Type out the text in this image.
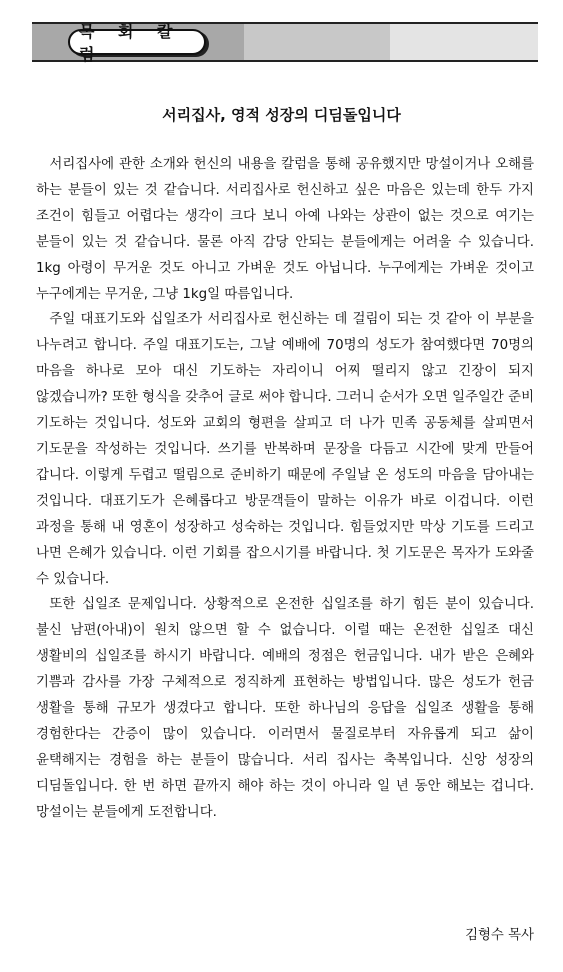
목 회 칼 럼
서리집사, 영적 성장의 디딤돌입니다

서리집사에 관한 소개와 헌신의 내용을 칼럼을 통해 공유했지만 망설이거나 오해를 하는 분들이 있는 것 같습니다. 서리집사로 헌신하고 싶은 마음은 있는데 한두 가지 조건이 힘들고 어렵다는 생각이 크다 보니 아예 나와는 상관이 없는 것으로 여기는 분들이 있는 것 같습니다. 물론 아직 감당 안되는 분들에게는 어려울 수 있습니다. 1kg 아령이 무거운 것도 아니고 가벼운 것도 아닙니다. 누구에게는 가벼운 것이고 누구에게는 무거운, 그냥 1kg일 따름입니다.

주일 대표기도와 십일조가 서리집사로 헌신하는 데 걸림이 되는 것 같아 이 부분을 나누려고 합니다. 주일 대표기도는, 그날 예배에 70명의 성도가 참여했다면 70명의 마음을 하나로 모아 대신 기도하는 자리이니 어찌 떨리지 않고 긴장이 되지 않겠습니까? 또한 형식을 갖추어 글로 써야 합니다. 그러니 순서가 오면 일주일간 준비 기도하는 것입니다. 성도와 교회의 형편을 살피고 더 나가 민족 공동체를 살피면서 기도문을 작성하는 것입니다. 쓰기를 반복하며 문장을 다듬고 시간에 맞게 만들어 갑니다. 이렇게 두렵고 떨림으로 준비하기 때문에 주일날 온 성도의 마음을 담아내는 것입니다. 대표기도가 은혜롭다고 방문객들이 말하는 이유가 바로 이겁니다. 이런 과정을 통해 내 영혼이 성장하고 성숙하는 것입니다. 힘들었지만 막상 기도를 드리고 나면 은혜가 있습니다. 이런 기회를 잡으시기를 바랍니다. 첫 기도문은 목자가 도와줄 수 있습니다.

또한 십일조 문제입니다. 상황적으로 온전한 십일조를 하기 힘든 분이 있습니다. 불신 남편(아내)이 원치 않으면 할 수 없습니다. 이럴 때는 온전한 십일조 대신 생활비의 십일조를 하시기 바랍니다. 예배의 정점은 헌금입니다. 내가 받은 은혜와 기쁨과 감사를 가장 구체적으로 정직하게 표현하는 방법입니다. 많은 성도가 헌금 생활을 통해 규모가 생겼다고 합니다. 또한 하나님의 응답을 십일조 생활을 통해 경험한다는 간증이 많이 있습니다. 이러면서 물질로부터 자유롭게 되고 삶이 윤택해지는 경험을 하는 분들이 많습니다. 서리 집사는 축복입니다. 신앙 성장의 디딤돌입니다. 한 번 하면 끝까지 해야 하는 것이 아니라 일 년 동안 해보는 겁니다. 망설이는 분들에게 도전합니다.

김형수 목사
